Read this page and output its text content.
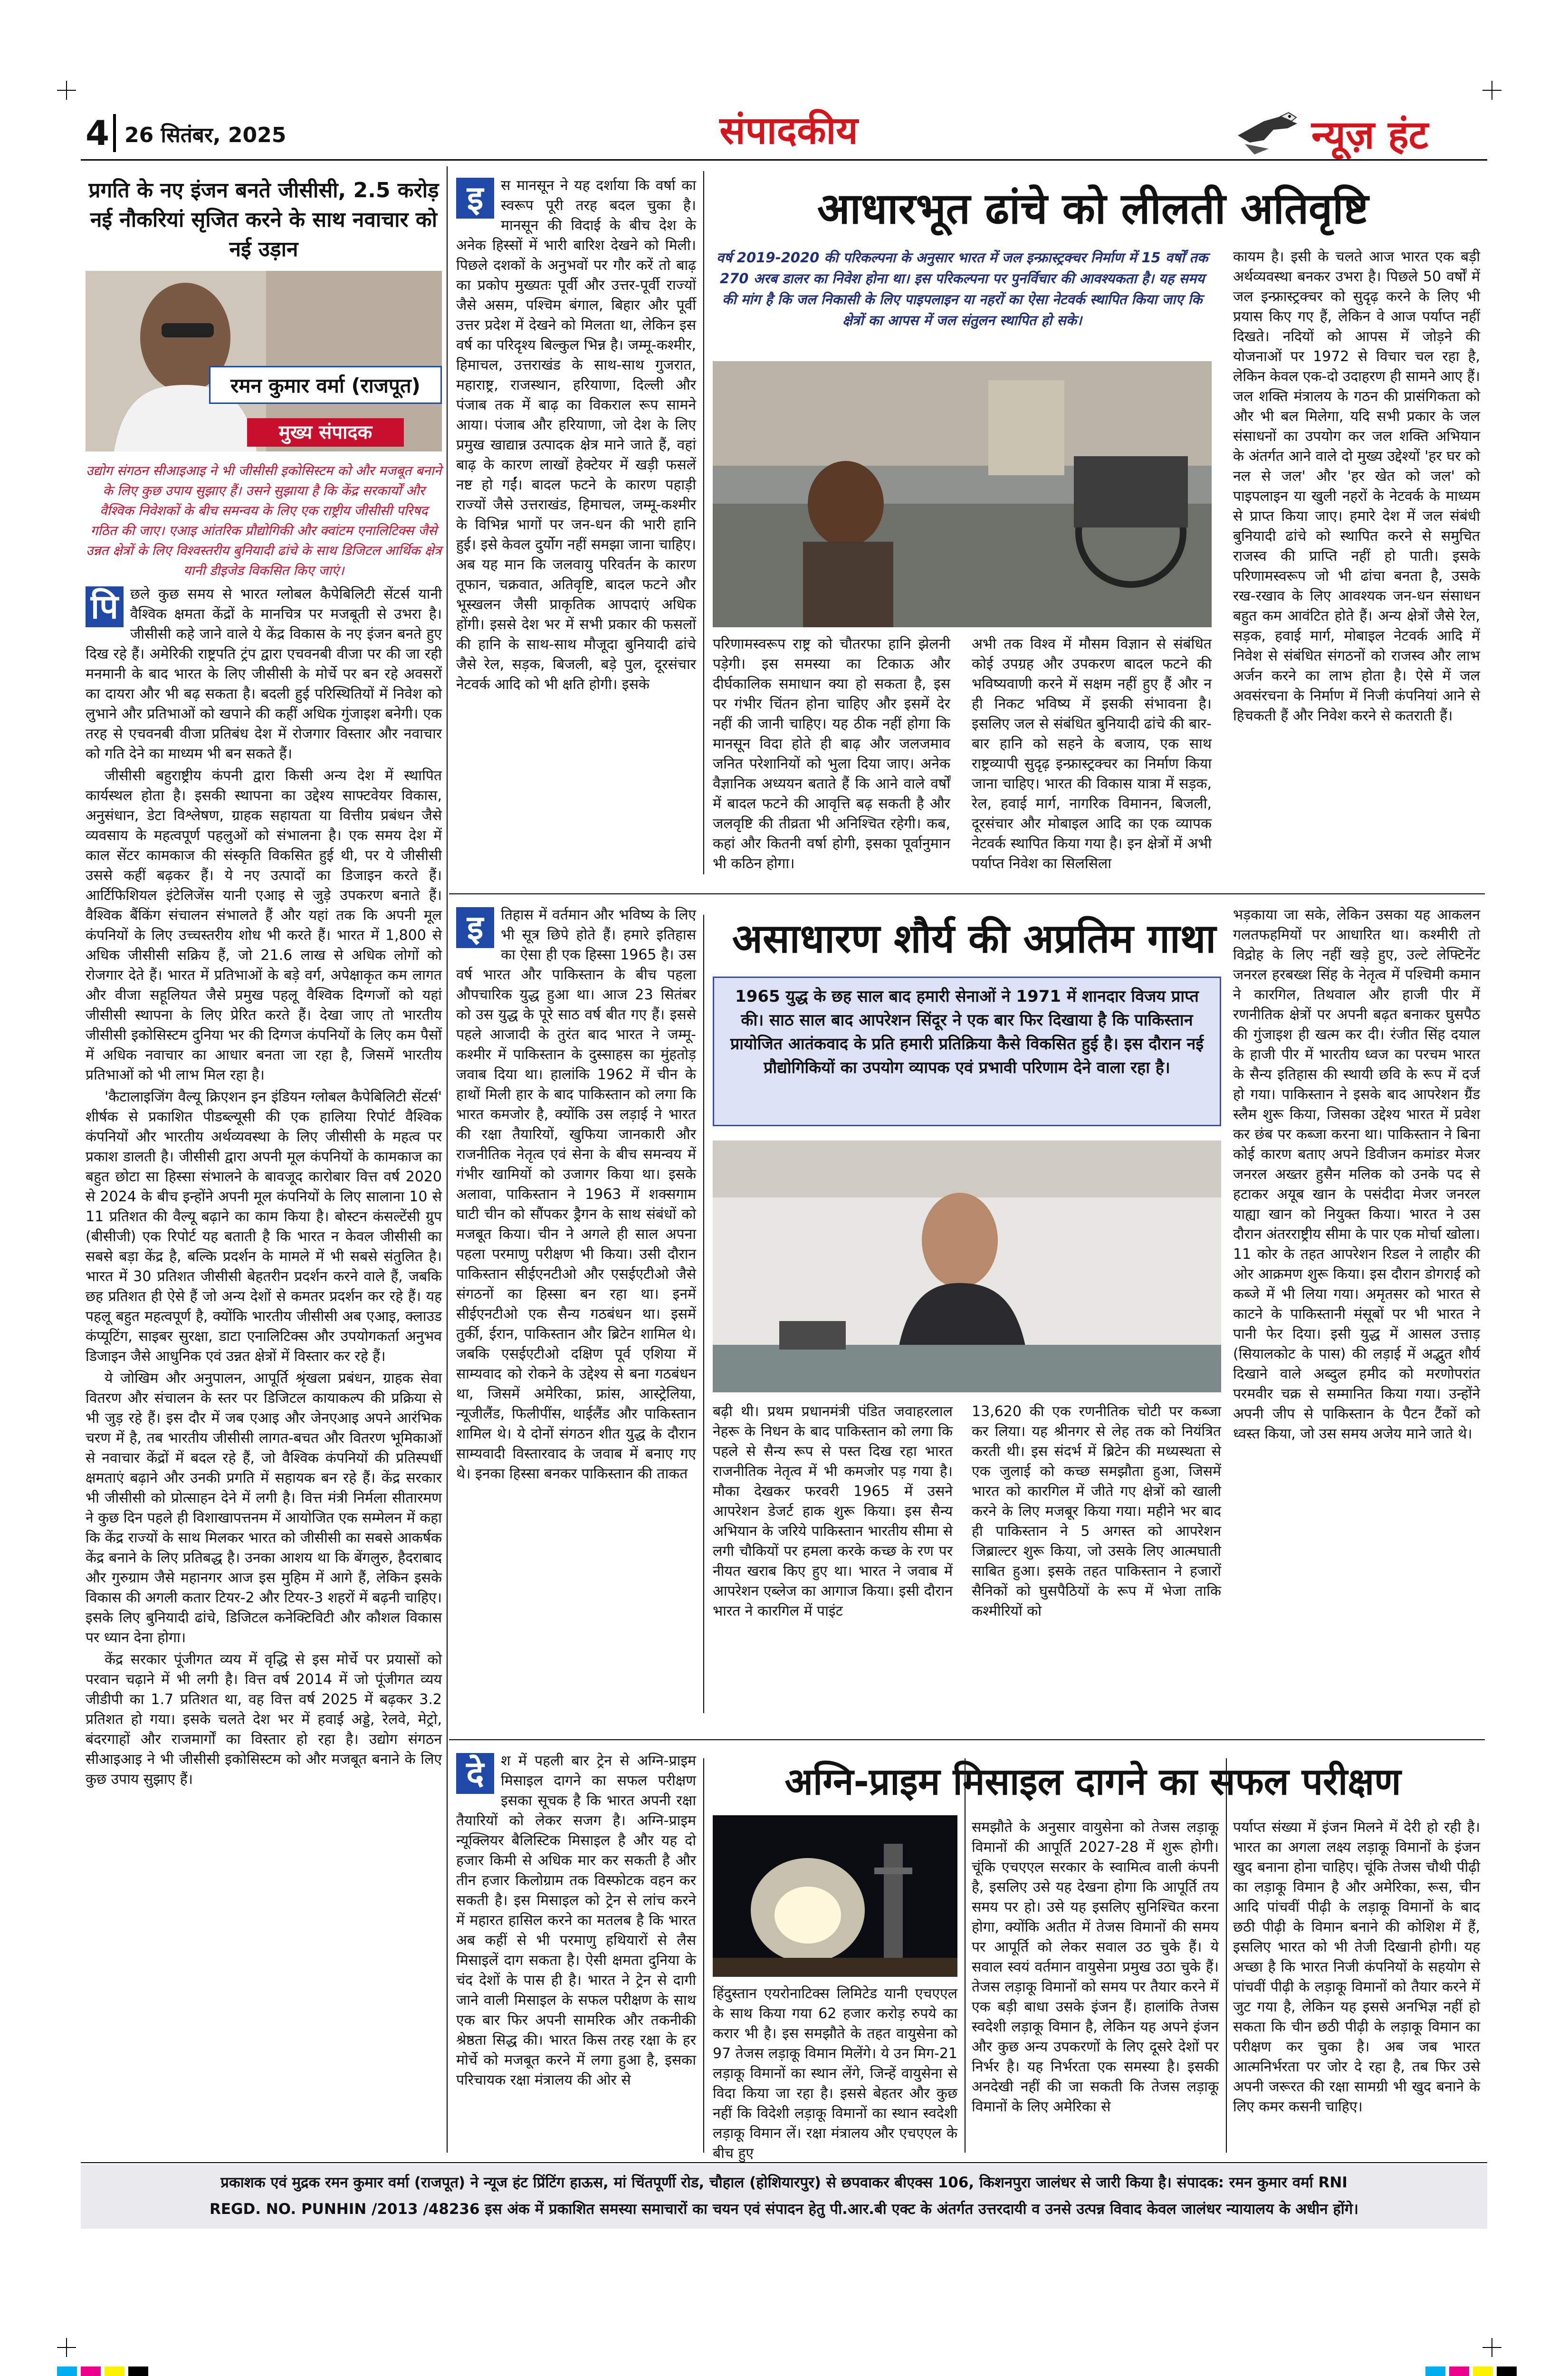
4 26 सितंबर, 2025	संपादकीय	न्यूज़ हंट
प्रगति के नए इंजन बनते जीसीसी, 2.5 करोड़ नई नौकरियां सृजित करने के साथ नवाचार को नई उड़ान
रमन कुमार वर्मा (राजपूत)
मुख्य संपादक
उद्योग संगठन सीआइआइ ने भी जीसीसी इकोसिस्टम को और मजबूत बनाने के लिए कुछ उपाय सुझाए हैं। उसने सुझाया है कि केंद्र सरकार्यों और वैश्विक निवेशकों के बीच समन्वय के लिए एक राष्ट्रीय जीसीसी परिषद गठित की जाए। एआइ आंतरिक प्रौद्योगिकी और क्वांटम एनालिटिक्स जैसे उन्नत क्षेत्रों के लिए विश्वस्तरीय बुनियादी ढांचे के साथ डिजिटल आर्थिक क्षेत्र यानी डीइजेड विकसित किए जाएं।
पि छले कुछ समय से भारत ग्लोबल कैपेबिलिटी सेंटर्स यानी वैश्विक क्षमता केंद्रों के मानचित्र पर मजबूती से उभरा है। जीसीसी कहे जाने वाले ये केंद्र विकास के नए इंजन बनते हुए दिख रहे हैं। अमेरिकी राष्ट्रपति ट्रंप द्वारा एचवनबी वीजा पर की जा रही मनमानी के बाद भारत के लिए जीसीसी के मोर्चे पर बन रहे अवसरों का दायरा और भी बढ़ सकता है। बदली हुई परिस्थितियों में निवेश को लुभाने और प्रतिभाओं को खपाने की कहीं अधिक गुंजाइश बनेगी। एक तरह से एचवनबी वीजा प्रतिबंध देश में रोजगार विस्तार और नवाचार को गति देने का माध्यम भी बन सकते हैं।

जीसीसी बहुराष्ट्रीय कंपनी द्वारा किसी अन्य देश में स्थापित कार्यस्थल होता है। इसकी स्थापना का उद्देश्य साफ्टवेयर विकास, अनुसंधान, डेटा विश्लेषण, ग्राहक सहायता या वित्तीय प्रबंधन जैसे व्यवसाय के महत्वपूर्ण पहलुओं को संभालना है। एक समय देश में काल सेंटर कामकाज की संस्कृति विकसित हुई थी, पर ये जीसीसी उससे कहीं बढ़कर हैं। ये नए उत्पादों का डिजाइन करते हैं। आर्टिफिशियल इंटेलिजेंस यानी एआइ से जुड़े उपकरण बनाते हैं। वैश्विक बैंकिंग संचालन संभालते हैं और यहां तक कि अपनी मूल कंपनियों के लिए उच्चस्तरीय शोध भी करते हैं। भारत में 1,800 से अधिक जीसीसी सक्रिय हैं, जो 21.6 लाख से अधिक लोगों को रोजगार देते हैं। भारत में प्रतिभाओं के बड़े वर्ग, अपेक्षाकृत कम लागत और वीजा सहूलियत जैसे प्रमुख पहलू वैश्विक दिग्गजों को यहां जीसीसी स्थापना के लिए प्रेरित करते हैं। देखा जाए तो भारतीय जीसीसी इकोसिस्टम दुनिया भर की दिग्गज कंपनियों के लिए कम पैसों में अधिक नवाचार का आधार बनता जा रहा है, जिसमें भारतीय प्रतिभाओं को भी लाभ मिल रहा है।

'कैटालाइजिंग वैल्यू क्रिएशन इन इंडियन ग्लोबल कैपेबिलिटी सेंटर्स' शीर्षक से प्रकाशित पीडब्ल्यूसी की एक हालिया रिपोर्ट वैश्विक कंपनियों और भारतीय अर्थव्यवस्था के लिए जीसीसी के महत्व पर प्रकाश डालती है। जीसीसी द्वारा अपनी मूल कंपनियों के कामकाज का बहुत छोटा सा हिस्सा संभालने के बावजूद कारोबार वित्त वर्ष 2020 से 2024 के बीच इन्होंने अपनी मूल कंपनियों के लिए सालाना 10 से 11 प्रतिशत की वैल्यू बढ़ाने का काम किया है। बोस्टन कंसल्टेंसी ग्रुप (बीसीजी) एक रिपोर्ट यह बताती है कि भारत न केवल जीसीसी का सबसे बड़ा केंद्र है, बल्कि प्रदर्शन के मामले में भी सबसे संतुलित है। भारत में 30 प्रतिशत जीसीसी बेहतरीन प्रदर्शन करने वाले हैं, जबकि छह प्रतिशत ही ऐसे हैं जो अन्य देशों से कमतर प्रदर्शन कर रहे हैं। यह पहलू बहुत महत्वपूर्ण है, क्योंकि भारतीय जीसीसी अब एआइ, क्लाउड कंप्यूटिंग, साइबर सुरक्षा, डाटा एनालिटिक्स और उपयोगकर्ता अनुभव डिजाइन जैसे आधुनिक एवं उन्नत क्षेत्रों में विस्तार कर रहे हैं।

ये जोखिम और अनुपालन, आपूर्ति श्रृंखला प्रबंधन, ग्राहक सेवा वितरण और संचालन के स्तर पर डिजिटल कायाकल्प की प्रक्रिया से भी जुड़ रहे हैं। इस दौर में जब एआइ और जेनएआइ अपने आरंभिक चरण में है, तब भारतीय जीसीसी लागत-बचत और वितरण भूमिकाओं से नवाचार केंद्रों में बदल रहे हैं, जो वैश्विक कंपनियों की प्रतिस्पर्धी क्षमताएं बढ़ाने और उनकी प्रगति में सहायक बन रहे हैं। केंद्र सरकार भी जीसीसी को प्रोत्साहन देने में लगी है। वित्त मंत्री निर्मला सीतारमण ने कुछ दिन पहले ही विशाखापत्तनम में आयोजित एक सम्मेलन में कहा कि केंद्र राज्यों के साथ मिलकर भारत को जीसीसी का सबसे आकर्षक केंद्र बनाने के लिए प्रतिबद्ध है। उनका आशय था कि बेंगलुरु, हैदराबाद और गुरुग्राम जैसे महानगर आज इस मुहिम में आगे हैं, लेकिन इसके विकास की अगली कतार टियर-2 और टियर-3 शहरों में बढ़नी चाहिए। इसके लिए बुनियादी ढांचे, डिजिटल कनेक्टिविटी और कौशल विकास पर ध्यान देना होगा।

केंद्र सरकार पूंजीगत व्यय में वृद्धि से इस मोर्चे पर प्रयासों को परवान चढ़ाने में भी लगी है। वित्त वर्ष 2014 में जो पूंजीगत व्यय जीडीपी का 1.7 प्रतिशत था, वह वित्त वर्ष 2025 में बढ़कर 3.2 प्रतिशत हो गया। इसके चलते देश भर में हवाई अड्डे, रेलवे, मेट्रो, बंदरगाहों और राजमार्गों का विस्तार हो रहा है। उद्योग संगठन सीआइआइ ने भी जीसीसी इकोसिस्टम को और मजबूत बनाने के लिए कुछ उपाय सुझाए हैं।

इ	स मानसून ने यह दर्शाया कि वर्षा का स्वरूप पूरी तरह बदल चुका है। मानसून की विदाई के बीच देश के अनेक हिस्सों में भारी बारिश देखने को मिली। पिछले दशकों के अनुभवों पर गौर करें तो बाढ़ का प्रकोप मुख्यतः पूर्वी और उत्तर-पूर्वी राज्यों जैसे असम, पश्चिम बंगाल, बिहार और पूर्वी उत्तर प्रदेश में देखने को मिलता था, लेकिन इस वर्ष का परिदृश्य बिल्कुल भिन्न है। जम्मू-कश्मीर, हिमाचल, उत्तराखंड के साथ-साथ गुजरात, महाराष्ट्र, राजस्थान, हरियाणा, दिल्ली और पंजाब तक में बाढ़ का विकराल रूप सामने आया। पंजाब और हरियाणा, जो देश के लिए प्रमुख खाद्यान्न उत्पादक क्षेत्र माने जाते हैं, वहां बाढ़ के कारण लाखों हेक्टेयर में खड़ी फसलें नष्ट हो गईं। बादल फटने के कारण पहाड़ी राज्यों जैसे उत्तराखंड, हिमाचल, जम्मू-कश्मीर के विभिन्न भागों पर जन-धन की भारी हानि हुई। इसे केवल दुर्योग नहीं समझा जाना चाहिए। अब यह मान कि जलवायु परिवर्तन के कारण तूफान, चक्रवात, अतिवृष्टि, बादल फटने और भूस्खलन जैसी प्राकृतिक आपदाएं अधिक होंगी। इससे देश भर में सभी प्रकार की फसलों की हानि के साथ-साथ मौजूदा बुनियादी ढांचे जैसे रेल, सड़क, बिजली, बड़े पुल, दूरसंचार नेटवर्क आदि को भी क्षति होगी। इसके
आधारभूत ढांचे को लीलती अतिवृष्टि
वर्ष 2019-2020 की परिकल्पना के अनुसार भारत में जल इन्फ्रास्ट्रक्चर निर्माण में 15 वर्षों तक 270 अरब डालर का निवेश होना था। इस परिकल्पना पर पुनर्विचार की आवश्यकता है। यह समय की मांग है कि जल निकासी के लिए पाइपलाइन या नहरों का ऐसा नेटवर्क स्थापित किया जाए कि क्षेत्रों का आपस में जल संतुलन स्थापित हो सके।
परिणामस्वरूप राष्ट्र को चौतरफा हानि झेलनी पड़ेगी। इस समस्या का टिकाऊ और दीर्घकालिक समाधान क्या हो सकता है, इस पर गंभीर चिंतन होना चाहिए और इसमें देर नहीं की जानी चाहिए। यह ठीक नहीं होगा कि मानसून विदा होते ही बाढ़ और जलजमाव जनित परेशानियों को भुला दिया जाए। अनेक वैज्ञानिक अध्ययन बताते हैं कि आने वाले वर्षों में बादल फटने की आवृत्ति बढ़ सकती है और जलवृष्टि की तीव्रता भी अनिश्चित रहेगी। कब, कहां और कितनी वर्षा होगी, इसका पूर्वानुमान भी कठिन होगा।
अभी तक विश्व में मौसम विज्ञान से संबंधित कोई उपग्रह और उपकरण बादल फटने की भविष्यवाणी करने में सक्षम नहीं हुए हैं और न ही निकट भविष्य में इसकी संभावना है। इसलिए जल से संबंधित बुनियादी ढांचे की बार-बार हानि को सहने के बजाय, एक साथ राष्ट्रव्यापी सुदृढ़ इन्फ्रास्ट्रक्चर का निर्माण किया जाना चाहिए। भारत की विकास यात्रा में सड़क, रेल, हवाई मार्ग, नागरिक विमानन, बिजली, दूरसंचार और मोबाइल आदि का एक व्यापक नेटवर्क स्थापित किया गया है। इन क्षेत्रों में अभी पर्याप्त निवेश का सिलसिला
कायम है। इसी के चलते आज भारत एक बड़ी अर्थव्यवस्था बनकर उभरा है। पिछले 50 वर्षों में जल इन्फ्रास्ट्रक्चर को सुदृढ़ करने के लिए भी प्रयास किए गए हैं, लेकिन वे आज पर्याप्त नहीं दिखते। नदियों को आपस में जोड़ने की योजनाओं पर 1972 से विचार चल रहा है, लेकिन केवल एक-दो उदाहरण ही सामने आए हैं। जल शक्ति मंत्रालय के गठन की प्रासंगिकता को और भी बल मिलेगा, यदि सभी प्रकार के जल संसाधनों का उपयोग कर जल शक्ति अभियान के अंतर्गत आने वाले दो मुख्य उद्देश्यों 'हर घर को नल से जल' और 'हर खेत को जल' को पाइपलाइन या खुली नहरों के नेटवर्क के माध्यम से प्राप्त किया जाए। हमारे देश में जल संबंधी बुनियादी ढांचे को स्थापित करने से समुचित राजस्व की प्राप्ति नहीं हो पाती। इसके परिणामस्वरूप जो भी ढांचा बनता है, उसके रख-रखाव के लिए आवश्यक जन-धन संसाधन बहुत कम आवंटित होते हैं। अन्य क्षेत्रों जैसे रेल, सड़क, हवाई मार्ग, मोबाइल नेटवर्क आदि में निवेश से संबंधित संगठनों को राजस्व और लाभ अर्जन करने का लाभ होता है। ऐसे में जल अवसंरचना के निर्माण में निजी कंपनियां आने से हिचकती हैं और निवेश करने से कतराती हैं।
इ	तिहास में वर्तमान और भविष्य के लिए भी सूत्र छिपे होते हैं। हमारे इतिहास का ऐसा ही एक हिस्सा 1965 है। उस वर्ष भारत और पाकिस्तान के बीच पहला औपचारिक युद्ध हुआ था। आज 23 सितंबर को उस युद्ध के पूरे साठ वर्ष बीत गए हैं। इससे पहले आजादी के तुरंत बाद भारत ने जम्मू-कश्मीर में पाकिस्तान के दुस्साहस का मुंहतोड़ जवाब दिया था। हालांकि 1962 में चीन के हाथों मिली हार के बाद पाकिस्तान को लगा कि भारत कमजोर है, क्योंकि उस लड़ाई ने भारत की रक्षा तैयारियों, खुफिया जानकारी और राजनीतिक नेतृत्व एवं सेना के बीच समन्वय में गंभीर खामियों को उजागर किया था। इसके अलावा, पाकिस्तान ने 1963 में शक्सगाम घाटी चीन को सौंपकर ड्रैगन के साथ संबंधों को मजबूत किया। चीन ने अगले ही साल अपना पहला परमाणु परीक्षण भी किया। उसी दौरान पाकिस्तान सीईएनटीओ और एसईएटीओ जैसे संगठनों का हिस्सा बन रहा था। इनमें सीईएनटीओ एक सैन्य गठबंधन था। इसमें तुर्की, ईरान, पाकिस्तान और ब्रिटेन शामिल थे। जबकि एसईएटीओ दक्षिण पूर्व एशिया में साम्यवाद को रोकने के उद्देश्य से बना गठबंधन था, जिसमें अमेरिका, फ्रांस, आस्ट्रेलिया, न्यूजीलैंड, फिलीपींस, थाईलैंड और पाकिस्तान शामिल थे। ये दोनों संगठन शीत युद्ध के दौरान साम्यवादी विस्तारवाद के जवाब में बनाए गए थे। इनका हिस्सा बनकर पाकिस्तान की ताकत
असाधारण शौर्य की अप्रतिम गाथा
1965 युद्ध के छह साल बाद हमारी सेनाओं ने 1971 में शानदार विजय प्राप्त की। साठ साल बाद आपरेशन सिंदूर ने एक बार फिर दिखाया है कि पाकिस्तान प्रायोजित आतंकवाद के प्रति हमारी प्रतिक्रिया कैसे विकसित हुई है। इस दौरान नई प्रौद्योगिकियों का उपयोग व्यापक एवं प्रभावी परिणाम देने वाला रहा है।
बढ़ी थी। प्रथम प्रधानमंत्री पंडित जवाहरलाल नेहरू के निधन के बाद पाकिस्तान को लगा कि पहले से सैन्य रूप से पस्त दिख रहा भारत राजनीतिक नेतृत्व में भी कमजोर पड़ गया है। मौका देखकर फरवरी 1965 में उसने आपरेशन डेजर्ट हाक शुरू किया। इस सैन्य अभियान के जरिये पाकिस्तान भारतीय सीमा से लगी चौकियों पर हमला करके कच्छ के रण पर नीयत खराब किए हुए था। भारत ने जवाब में आपरेशन एब्लेज का आगाज किया। इसी दौरान भारत ने कारगिल में पाइंट
13,620 की एक रणनीतिक चोटी पर कब्जा कर लिया। यह श्रीनगर से लेह तक को नियंत्रित करती थी। इस संदर्भ में ब्रिटेन की मध्यस्थता से एक जुलाई को कच्छ समझौता हुआ, जिसमें भारत को कारगिल में जीते गए क्षेत्रों को खाली करने के लिए मजबूर किया गया। महीने भर बाद ही पाकिस्तान ने 5 अगस्त को आपरेशन जिब्राल्टर शुरू किया, जो उसके लिए आत्मघाती साबित हुआ। इसके तहत पाकिस्तान ने हजारों सैनिकों को घुसपैठियों के रूप में भेजा ताकि कश्मीरियों को
भड़काया जा सके, लेकिन उसका यह आकलन गलतफहमियों पर आधारित था। कश्मीरी तो विद्रोह के लिए नहीं खड़े हुए, उल्टे लेफ्टिनेंट जनरल हरबख्श सिंह के नेतृत्व में पश्चिमी कमान ने कारगिल, तिथवाल और हाजी पीर में रणनीतिक क्षेत्रों पर अपनी बढ़त बनाकर घुसपैठ की गुंजाइश ही खत्म कर दी। रंजीत सिंह दयाल के हाजी पीर में भारतीय ध्वज का परचम भारत के सैन्य इतिहास की स्थायी छवि के रूप में दर्ज हो गया। पाकिस्तान ने इसके बाद आपरेशन ग्रैंड स्लैम शुरू किया, जिसका उद्देश्य भारत में प्रवेश कर छंब पर कब्जा करना था। पाकिस्तान ने बिना कोई कारण बताए अपने डिवीजन कमांडर मेजर जनरल अख्तर हुसैन मलिक को उनके पद से हटाकर अयूब खान के पसंदीदा मेजर जनरल याह्या खान को नियुक्त किया। भारत ने उस दौरान अंतरराष्ट्रीय सीमा के पार एक मोर्चा खोला। 11 कोर के तहत आपरेशन रिडल ने लाहौर की ओर आक्रमण शुरू किया। इस दौरान डोगराई को कब्जे में भी लिया गया। अमृतसर को भारत से काटने के पाकिस्तानी मंसूबों पर भी भारत ने पानी फेर दिया। इसी युद्ध में आसल उत्ताड़ (सियालकोट के पास) की लड़ाई में अद्भुत शौर्य दिखाने वाले अब्दुल हमीद को मरणोपरांत परमवीर चक्र से सम्मानित किया गया। उन्होंने अपनी जीप से पाकिस्तान के पैटन टैंकों को ध्वस्त किया, जो उस समय अजेय माने जाते थे।
दे	श में पहली बार ट्रेन से अग्नि-प्राइम मिसाइल दागने का सफल परीक्षण इसका सूचक है कि भारत अपनी रक्षा तैयारियों को लेकर सजग है। अग्नि-प्राइम न्यूक्लियर बैलिस्टिक मिसाइल है और यह दो हजार किमी से अधिक मार कर सकती है और तीन हजार किलोग्राम तक विस्फोटक वहन कर सकती है। इस मिसाइल को ट्रेन से लांच करने में महारत हासिल करने का मतलब है कि भारत अब कहीं से भी परमाणु हथियारों से लैस मिसाइलें दाग सकता है। ऐसी क्षमता दुनिया के चंद देशों के पास ही है। भारत ने ट्रेन से दागी जाने वाली मिसाइल के सफल परीक्षण के साथ एक बार फिर अपनी सामरिक और तकनीकी श्रेष्ठता सिद्ध की। भारत किस तरह रक्षा के हर मोर्चे को मजबूत करने में लगा हुआ है, इसका परिचायक रक्षा मंत्रालय की ओर से
अग्नि-प्राइम मिसाइल दागने का सफल परीक्षण
हिंदुस्तान एयरोनाटिक्स लिमिटेड यानी एचएएल के साथ किया गया 62 हजार करोड़ रुपये का करार भी है। इस समझौते के तहत वायुसेना को 97 तेजस लड़ाकू विमान मिलेंगे। ये उन मिग-21 लड़ाकू विमानों का स्थान लेंगे, जिन्हें वायुसेना से विदा किया जा रहा है। इससे बेहतर और कुछ नहीं कि विदेशी लड़ाकू विमानों का स्थान स्वदेशी लड़ाकू विमान लें। रक्षा मंत्रालय और एचएएल के बीच हुए
समझौते के अनुसार वायुसेना को तेजस लड़ाकू विमानों की आपूर्ति 2027-28 में शुरू होगी। चूंकि एचएएल सरकार के स्वामित्व वाली कंपनी है, इसलिए उसे यह देखना होगा कि आपूर्ति तय समय पर हो। उसे यह इसलिए सुनिश्चित करना होगा, क्योंकि अतीत में तेजस विमानों की समय पर आपूर्ति को लेकर सवाल उठ चुके हैं। ये सवाल स्वयं वर्तमान वायुसेना प्रमुख उठा चुके हैं। तेजस लड़ाकू विमानों को समय पर तैयार करने में एक बड़ी बाधा उसके इंजन हैं। हालांकि तेजस स्वदेशी लड़ाकू विमान है, लेकिन यह अपने इंजन और कुछ अन्य उपकरणों के लिए दूसरे देशों पर निर्भर है। यह निर्भरता एक समस्या है। इसकी अनदेखी नहीं की जा सकती कि तेजस लड़ाकू विमानों के लिए अमेरिका से
पर्याप्त संख्या में इंजन मिलने में देरी हो रही है। भारत का अगला लक्ष्य लड़ाकू विमानों के इंजन खुद बनाना होना चाहिए। चूंकि तेजस चौथी पीढ़ी का लड़ाकू विमान है और अमेरिका, रूस, चीन आदि पांचवीं पीढ़ी के लड़ाकू विमानों के बाद छठी पीढ़ी के विमान बनाने की कोशिश में हैं, इसलिए भारत को भी तेजी दिखानी होगी। यह अच्छा है कि भारत निजी कंपनियों के सहयोग से पांचवीं पीढ़ी के लड़ाकू विमानों को तैयार करने में जुट गया है, लेकिन यह इससे अनभिज्ञ नहीं हो सकता कि चीन छठी पीढ़ी के लड़ाकू विमान का परीक्षण कर चुका है। अब जब भारत आत्मनिर्भरता पर जोर दे रहा है, तब फिर उसे अपनी जरूरत की रक्षा सामग्री भी खुद बनाने के लिए कमर कसनी चाहिए।
प्रकाशक एवं मुद्रक रमन कुमार वर्मा (राजपूत) ने न्यूज हंट प्रिंटिंग हाऊस, मां चिंतपूर्णी रोड, चौहाल (होशियारपुर) से छपवाकर बीएक्स 106, किशनपुरा जालंधर से जारी किया है। संपादक: रमन कुमार वर्मा RNI
REGD. NO. PUNHIN /2013 /48236 इस अंक में प्रकाशित समस्या समाचारों का चयन एवं संपादन हेतु पी.आर.बी एक्ट के अंतर्गत उत्तरदायी व उनसे उत्पन्न विवाद केवल जालंधर न्यायालय के अधीन होंगे।
